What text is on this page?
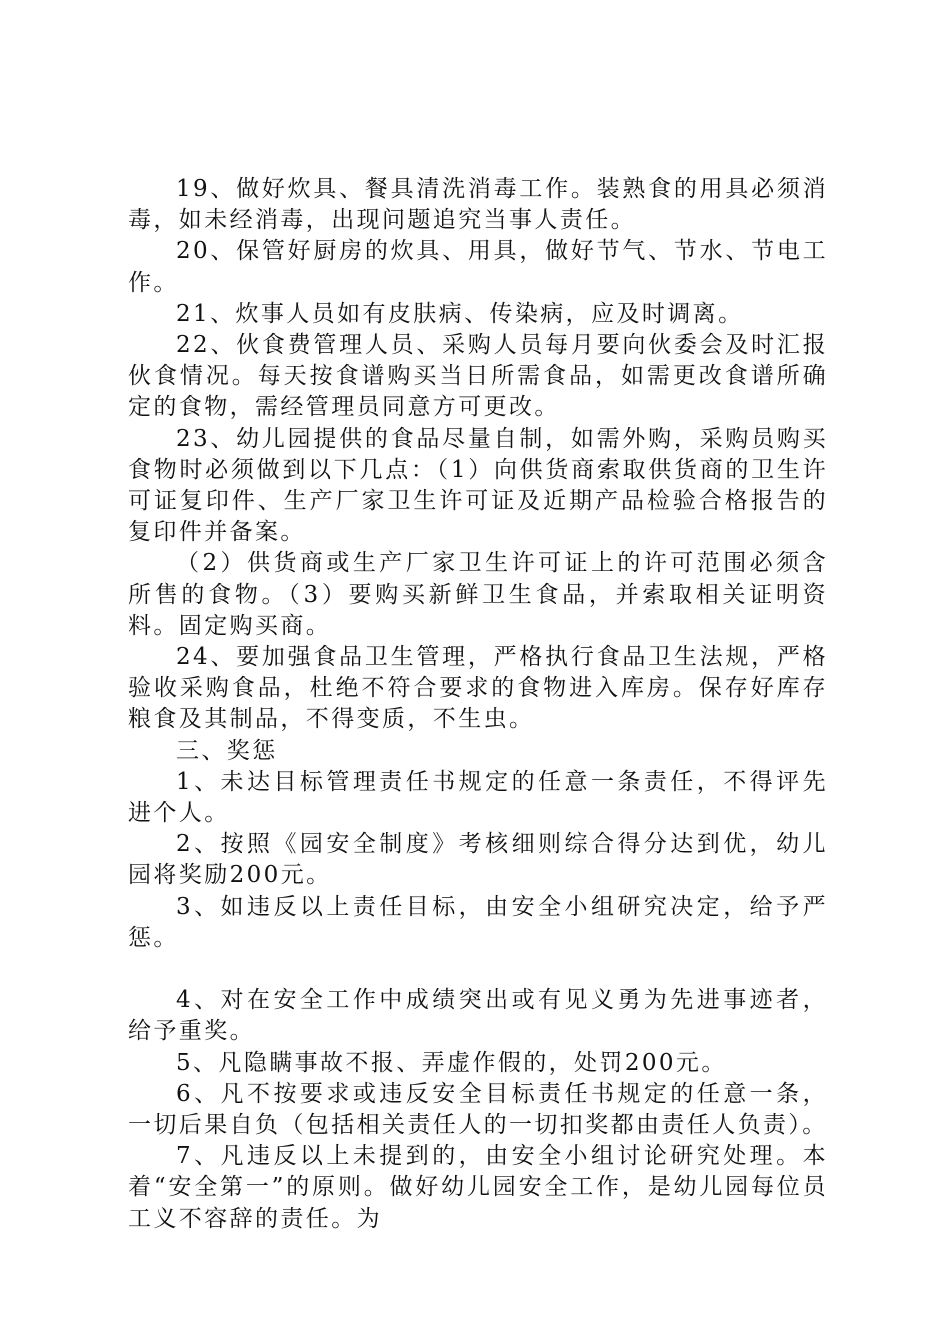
19、做好炊具、餐具清洗消毒工作。装熟食的用具必须消毒，如未经消毒，出现问题追究当事人责任。

20、保管好厨房的炊具、用具，做好节气、节水、节电工作。

21、炊事人员如有皮肤病、传染病，应及时调离。

22、伙食费管理人员、采购人员每月要向伙委会及时汇报伙食情况。每天按食谱购买当日所需食品，如需更改食谱所确定的食物，需经管理员同意方可更改。

23、幼儿园提供的食品尽量自制，如需外购，采购员购买食物时必须做到以下几点：（1）向供货商索取供货商的卫生许可证复印件、生产厂家卫生许可证及近期产品检验合格报告的复印件并备案。

（2）供货商或生产厂家卫生许可证上的许可范围必须含所售的食物。（3）要购买新鲜卫生食品，并索取相关证明资料。固定购买商。

24、要加强食品卫生管理，严格执行食品卫生法规，严格验收采购食品，杜绝不符合要求的食物进入库房。保存好库存粮食及其制品，不得变质，不生虫。

三、奖惩

1、未达目标管理责任书规定的任意一条责任，不得评先进个人。

2、按照《园安全制度》考核细则综合得分达到优，幼儿园将奖励200元。

3、如违反以上责任目标，由安全小组研究决定，给予严惩。

4、对在安全工作中成绩突出或有见义勇为先进事迹者，给予重奖。

5、凡隐瞒事故不报、弄虚作假的，处罚200元。

6、凡不按要求或违反安全目标责任书规定的任意一条，一切后果自负（包括相关责任人的一切扣奖都由责任人负责）。

7、凡违反以上未提到的，由安全小组讨论研究处理。本着“安全第一”的原则。做好幼儿园安全工作，是幼儿园每位员工义不容辞的责任。为
